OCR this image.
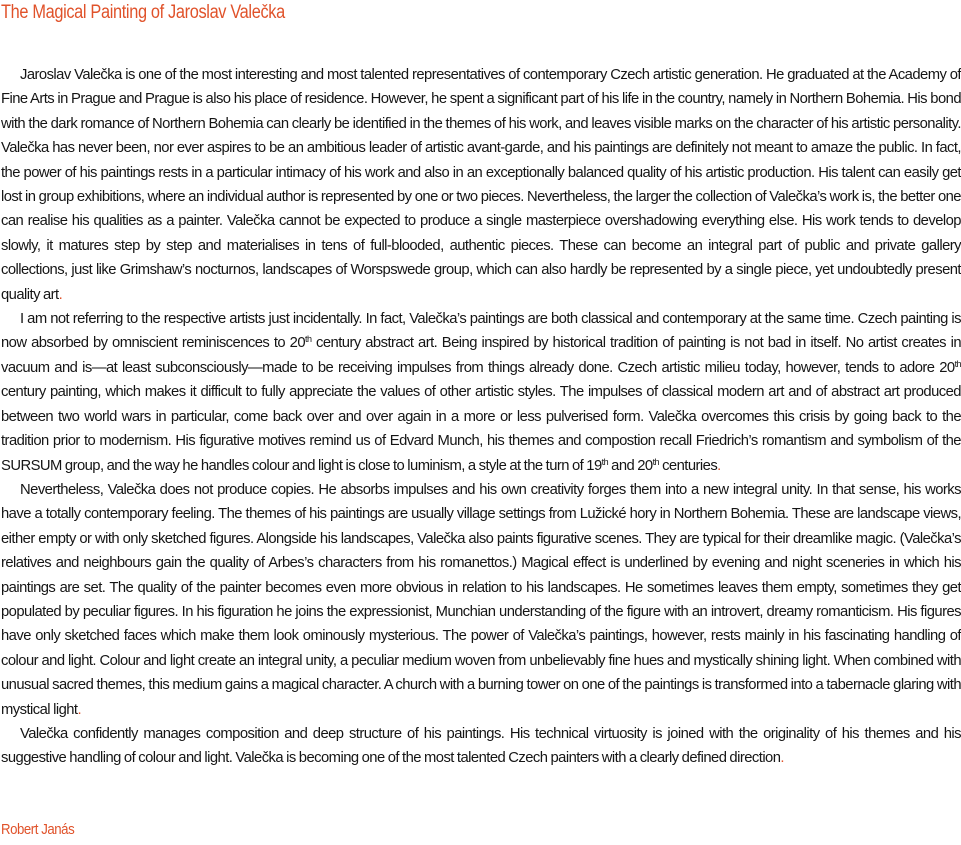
The Magical Painting of Jaroslav Valečka

Jaroslav Valečka is one of the most interesting and most talented representatives of contemporary Czech artistic generation. He graduated at the Academy of Fine Arts in Prague and Prague is also his place of residence. However, he spent a significant part of his life in the country, namely in Northern Bohemia. His bond with the dark romance of Northern Bohemia can clearly be identified in the themes of his work, and leaves visible marks on the character of his artistic personality. Valečka has never been, nor ever aspires to be an ambitious leader of artistic avant-garde, and his paintings are definitely not meant to amaze the public. In fact, the power of his paintings rests in a particular intimacy of his work and also in an exceptionally balanced quality of his artistic production. His talent can easily get lost in group exhibitions, where an individual author is represented by one or two pieces. Nevertheless, the larger the collection of Valečka’s work is, the better one can realise his qualities as a painter. Valečka cannot be expected to produce a single masterpiece overshadowing everything else. His work tends to develop slowly, it matures step by step and materialises in tens of full-blooded, authentic pieces. These can become an integral part of public and private gallery collections, just like Grimshaw’s nocturnos, landscapes of Worspswede group, which can also hardly be represented by a single piece, yet undoubtedly present quality art.

I am not referring to the respective artists just incidentally. In fact, Valečka’s paintings are both classical and contemporary at the same time. Czech painting is now absorbed by omniscient reminiscences to 20th century abstract art. Being inspired by historical tradition of painting is not bad in itself. No artist creates in vacuum and is—at least subconsciously—made to be receiving impulses from things already done. Czech artistic milieu today, however, tends to adore 20th century painting, which makes it difficult to fully appreciate the values of other artistic styles. The impulses of classical modern art and of abstract art produced between two world wars in particular, come back over and over again in a more or less pulverised form. Valečka overcomes this crisis by going back to the tradition prior to modernism. His figurative motives remind us of Edvard Munch, his themes and compostion recall Friedrich’s romantism and symbolism of the SURSUM group, and the way he handles colour and light is close to luminism, a style at the turn of 19th and 20th centuries.

Nevertheless, Valečka does not produce copies. He absorbs impulses and his own creativity forges them into a new integral unity. In that sense, his works have a totally contemporary feeling. The themes of his paintings are usually village settings from Lužické hory in Northern Bohemia. These are landscape views, either empty or with only sketched figures. Alongside his landscapes, Valečka also paints figurative scenes. They are typical for their dreamlike magic. (Valečka’s relatives and neighbours gain the quality of Arbes’s characters from his romanettos.) Magical effect is underlined by evening and night sceneries in which his paintings are set. The quality of the painter becomes even more obvious in relation to his landscapes. He sometimes leaves them empty, sometimes they get populated by peculiar figures. In his figuration he joins the expressionist, Munchian understanding of the figure with an introvert, dreamy romanticism. His figures have only sketched faces which make them look ominously mysterious. The power of Valečka’s paintings, however, rests mainly in his fascinating handling of colour and light. Colour and light create an integral unity, a peculiar medium woven from unbelievably fine hues and mystically shining light. When combined with unusual sacred themes, this medium gains a magical character. A church with a burning tower on one of the paintings is transformed into a tabernacle glaring with mystical light.

Valečka confidently manages composition and deep structure of his paintings. His technical virtuosity is joined with the originality of his themes and his suggestive handling of colour and light. Valečka is becoming one of the most talented Czech painters with a clearly defined direction.

Robert Janás
